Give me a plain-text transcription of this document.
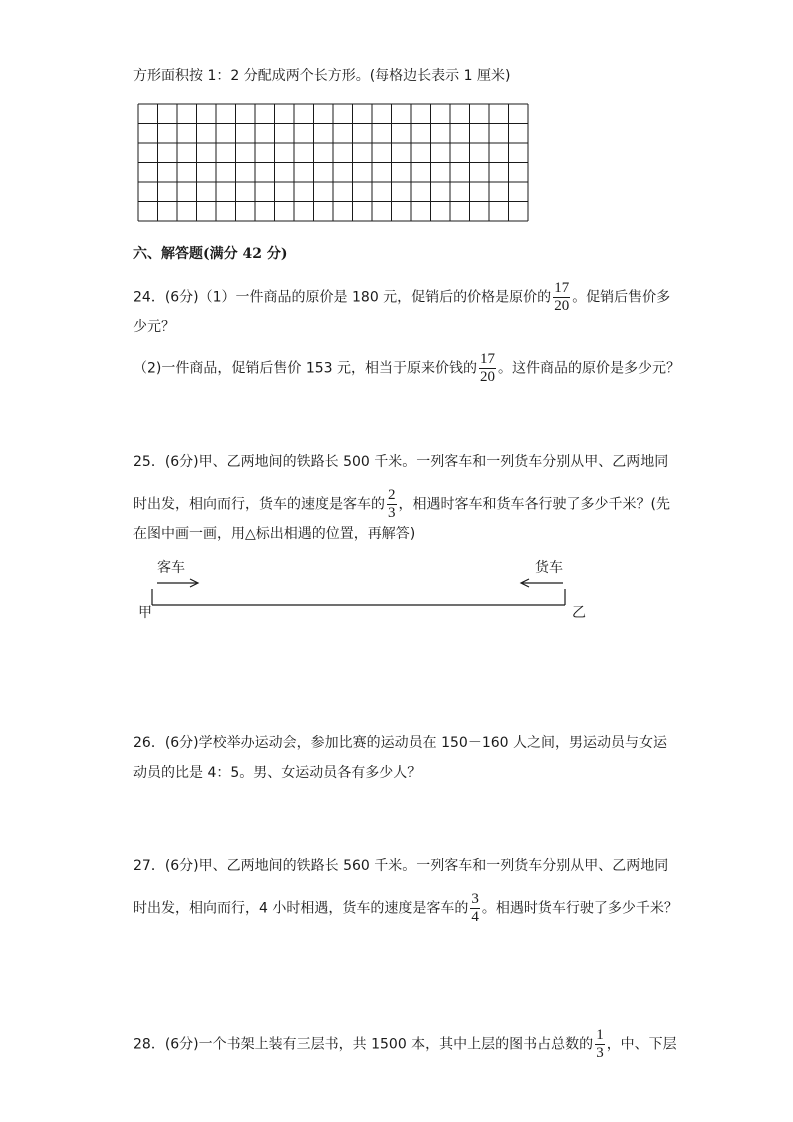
方形面积按 1：2 分配成两个长方形。(每格边长表示 1 厘米)
六、解答题(满分 42 分)
24．(6分)（1）一件商品的原价是 180 元，促销后的价格是原价的 $\frac{17}{20}$ 。促销后售价多
少元？
（2)一件商品，促销后售价 153 元，相当于原来价钱的 $\frac{17}{20}$ 。这件商品的原价是多少元？
25．(6分)甲、乙两地间的铁路长 500 千米。一列客车和一列货车分别从甲、乙两地同
时出发，相向而行，货车的速度是客车的 $\frac{2}{3}$ ，相遇时客车和货车各行驶了多少千米？(先
在图中画一画，用△标出相遇的位置，再解答)
客车	货车
甲	乙
26．(6分)学校举办运动会，参加比赛的运动员在 150－160 人之间，男运动员与女运
动员的比是 4：5。男、女运动员各有多少人？
27．(6分)甲、乙两地间的铁路长 560 千米。一列客车和一列货车分别从甲、乙两地同
时出发，相向而行，4 小时相遇，货车的速度是客车的 $\frac{3}{4}$ 。相遇时货车行驶了多少千米？
28．(6分)一个书架上装有三层书，共 1500 本，其中上层的图书占总数的 $\frac{1}{3}$ ，中、下层
